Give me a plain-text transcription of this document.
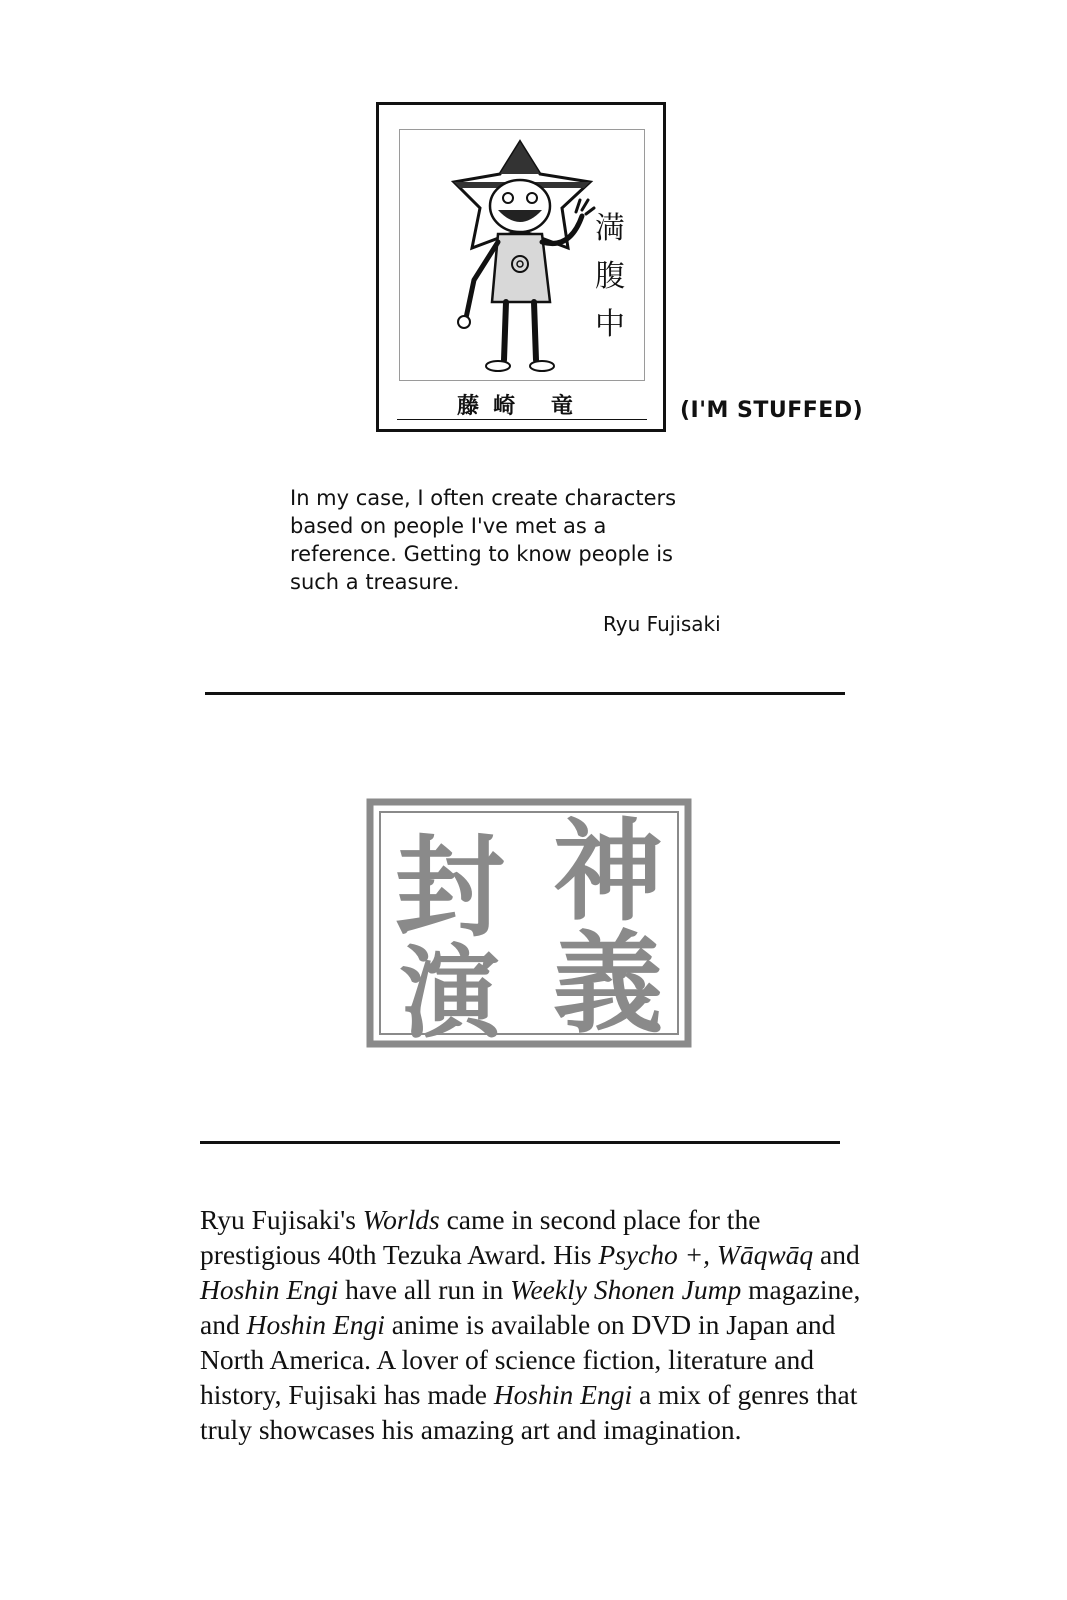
満
腹
中
藤崎 竜	(I'M STUFFED)
In my case, I often create characters
based on people I've met as a
reference. Getting to know people is
such a treasure.
Ryu Fujisaki
神
封
義
演
Ryu Fujisaki's Worlds came in second place for the
prestigious 40th Tezuka Award. His Psycho +, Wāqwāq and
Hoshin Engi have all run in Weekly Shonen Jump magazine,
and Hoshin Engi anime is available on DVD in Japan and
North America. A lover of science fiction, literature and
history, Fujisaki has made Hoshin Engi a mix of genres that
truly showcases his amazing art and imagination.
